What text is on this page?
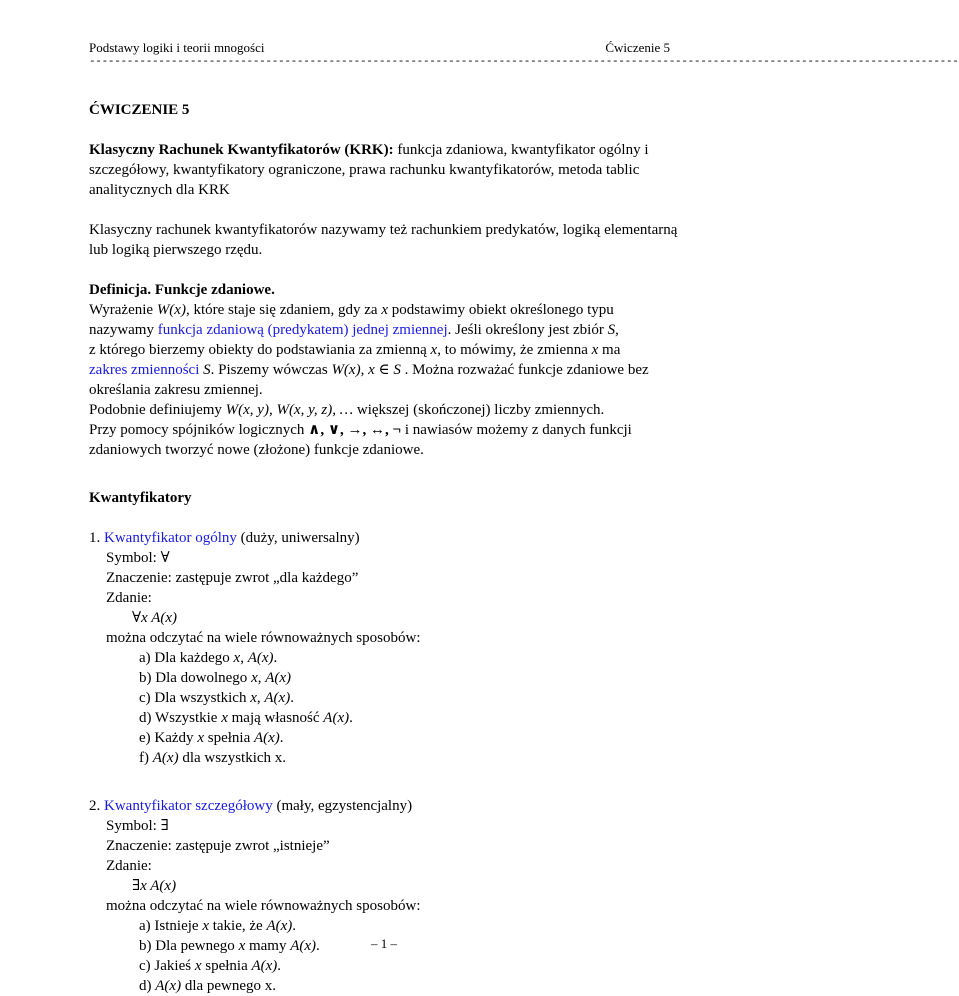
Podstawy logiki i teorii mnogości	Ćwiczenie 5
------------------------------------------------------------------------------------------------------------------------------------------

ĆWICZENIE 5

Klasyczny Rachunek Kwantyfikatorów (KRK): funkcja zdaniowa, kwantyfikator ogólny i szczegółowy, kwantyfikatory ograniczone, prawa rachunku kwantyfikatorów, metoda tablic analitycznych dla KRK

Klasyczny rachunek kwantyfikatorów nazywamy też rachunkiem predykatów, logiką elementarną lub logiką pierwszego rzędu.

Definicja. Funkcje zdaniowe.

Wyrażenie W(x), które staje się zdaniem, gdy za x podstawimy obiekt określonego typu

nazywamy funkcja zdaniową (predykatem) jednej zmiennej. Jeśli określony jest zbiór S,

z którego bierzemy obiekty do podstawiania za zmienną x, to mówimy, że zmienna x ma

zakres zmienności S. Piszemy wówczas W(x), x ∈ S . Można rozważać funkcje zdaniowe bez

określania zakresu zmiennej.

Podobnie definiujemy W(x, y), W(x, y, z), … większej (skończonej) liczby zmiennych.

Przy pomocy spójników logicznych ∧, ∨, →, ↔, ¬ i nawiasów możemy z danych funkcji

zdaniowych tworzyć nowe (złożone) funkcje zdaniowe.

Kwantyfikatory

1. Kwantyfikator ogólny (duży, uniwersalny)

Symbol: ∀

Znaczenie: zastępuje zwrot „dla każdego”

Zdanie:

∀x A(x)

można odczytać na wiele równoważnych sposobów:

a) Dla każdego x, A(x).

b) Dla dowolnego x, A(x)

c) Dla wszystkich x, A(x).

d) Wszystkie x mają własność A(x).

e) Każdy x spełnia A(x).

f) A(x) dla wszystkich x.

2. Kwantyfikator szczegółowy (mały, egzystencjalny)

Symbol: ∃

Znaczenie: zastępuje zwrot „istnieje”

Zdanie:

∃x A(x)

można odczytać na wiele równoważnych sposobów:

a) Istnieje x takie, że A(x).

b) Dla pewnego x mamy A(x).

c) Jakieś x spełnia A(x).

d) A(x) dla pewnego x.

– 1 –
